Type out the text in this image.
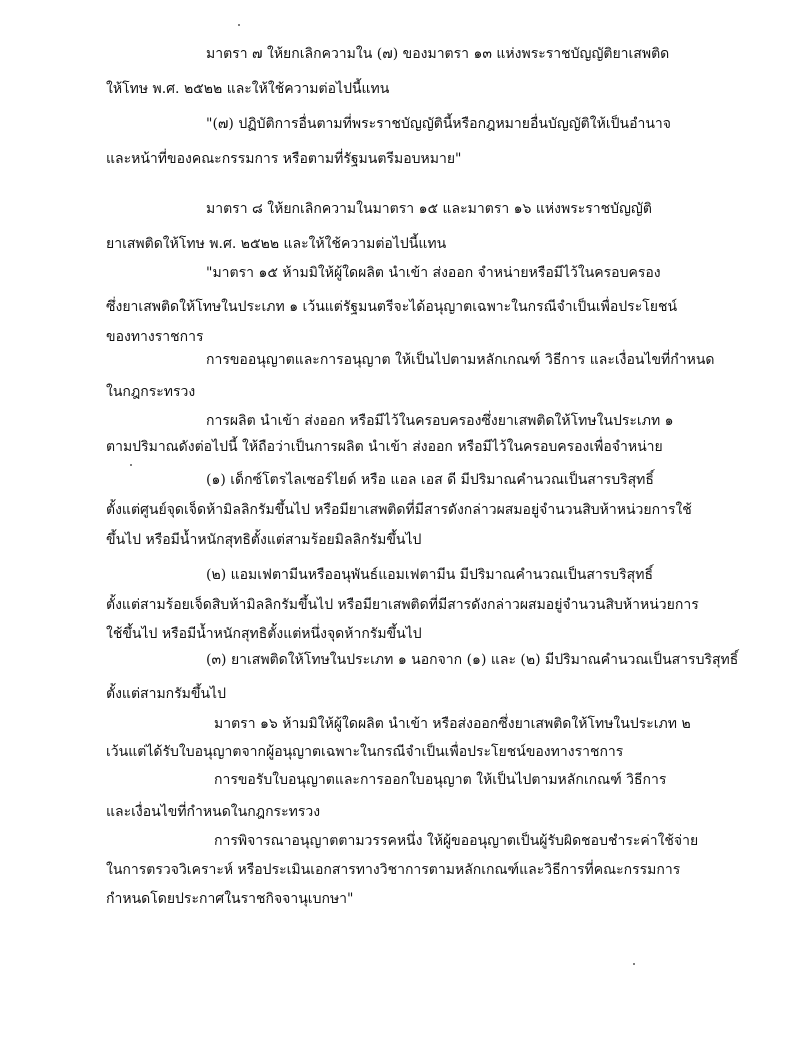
มาตรา ๗ ให้ยกเลิกความใน (๗) ของมาตรา ๑๓ แห่งพระราชบัญญัติยาเสพติด
ให้โทษ พ.ศ. ๒๕๒๒ และให้ใช้ความต่อไปนี้แทน
"(๗) ปฏิบัติการอื่นตามที่พระราชบัญญัตินี้หรือกฎหมายอื่นบัญญัติให้เป็นอำนาจ
และหน้าที่ของคณะกรรมการ หรือตามที่รัฐมนตรีมอบหมาย"
มาตรา ๘ ให้ยกเลิกความในมาตรา ๑๕ และมาตรา ๑๖ แห่งพระราชบัญญัติ
ยาเสพติดให้โทษ พ.ศ. ๒๕๒๒ และให้ใช้ความต่อไปนี้แทน
"มาตรา ๑๕ ห้ามมิให้ผู้ใดผลิต นำเข้า ส่งออก จำหน่ายหรือมีไว้ในครอบครอง
ซึ่งยาเสพติดให้โทษในประเภท ๑ เว้นแต่รัฐมนตรีจะได้อนุญาตเฉพาะในกรณีจำเป็นเพื่อประโยชน์
ของทางราชการ
การขออนุญาตและการอนุญาต ให้เป็นไปตามหลักเกณฑ์ วิธีการ และเงื่อนไขที่กำหนด
ในกฎกระทรวง
การผลิต นำเข้า ส่งออก หรือมีไว้ในครอบครองซึ่งยาเสพติดให้โทษในประเภท ๑
ตามปริมาณดังต่อไปนี้ ให้ถือว่าเป็นการผลิต นำเข้า ส่งออก หรือมีไว้ในครอบครองเพื่อจำหน่าย
(๑) เด็กซ์โตรไลเซอร์ไยด์ หรือ แอล เอส ดี มีปริมาณคำนวณเป็นสารบริสุทธิ์
ตั้งแต่ศูนย์จุดเจ็ดห้ามิลลิกรัมขึ้นไป หรือมียาเสพติดที่มีสารดังกล่าวผสมอยู่จำนวนสิบห้าหน่วยการใช้
ขึ้นไป หรือมีน้ำหนักสุทธิตั้งแต่สามร้อยมิลลิกรัมขึ้นไป
(๒) แอมเฟตามีนหรืออนุพันธ์แอมเฟตามีน มีปริมาณคำนวณเป็นสารบริสุทธิ์
ตั้งแต่สามร้อยเจ็ดสิบห้ามิลลิกรัมขึ้นไป หรือมียาเสพติดที่มีสารดังกล่าวผสมอยู่จำนวนสิบห้าหน่วยการ
ใช้ขึ้นไป หรือมีน้ำหนักสุทธิตั้งแต่หนึ่งจุดห้ากรัมขึ้นไป
(๓) ยาเสพติดให้โทษในประเภท ๑ นอกจาก (๑) และ (๒) มีปริมาณคำนวณเป็นสารบริสุทธิ์
ตั้งแต่สามกรัมขึ้นไป
มาตรา ๑๖ ห้ามมิให้ผู้ใดผลิต นำเข้า หรือส่งออกซึ่งยาเสพติดให้โทษในประเภท ๒
เว้นแต่ได้รับใบอนุญาตจากผู้อนุญาตเฉพาะในกรณีจำเป็นเพื่อประโยชน์ของทางราชการ
การขอรับใบอนุญาตและการออกใบอนุญาต ให้เป็นไปตามหลักเกณฑ์ วิธีการ
และเงื่อนไขที่กำหนดในกฎกระทรวง
การพิจารณาอนุญาตตามวรรคหนึ่ง ให้ผู้ขออนุญาตเป็นผู้รับผิดชอบชำระค่าใช้จ่าย
ในการตรวจวิเคราะห์ หรือประเมินเอกสารทางวิชาการตามหลักเกณฑ์และวิธีการที่คณะกรรมการ
กำหนดโดยประกาศในราชกิจจานุเบกษา"
